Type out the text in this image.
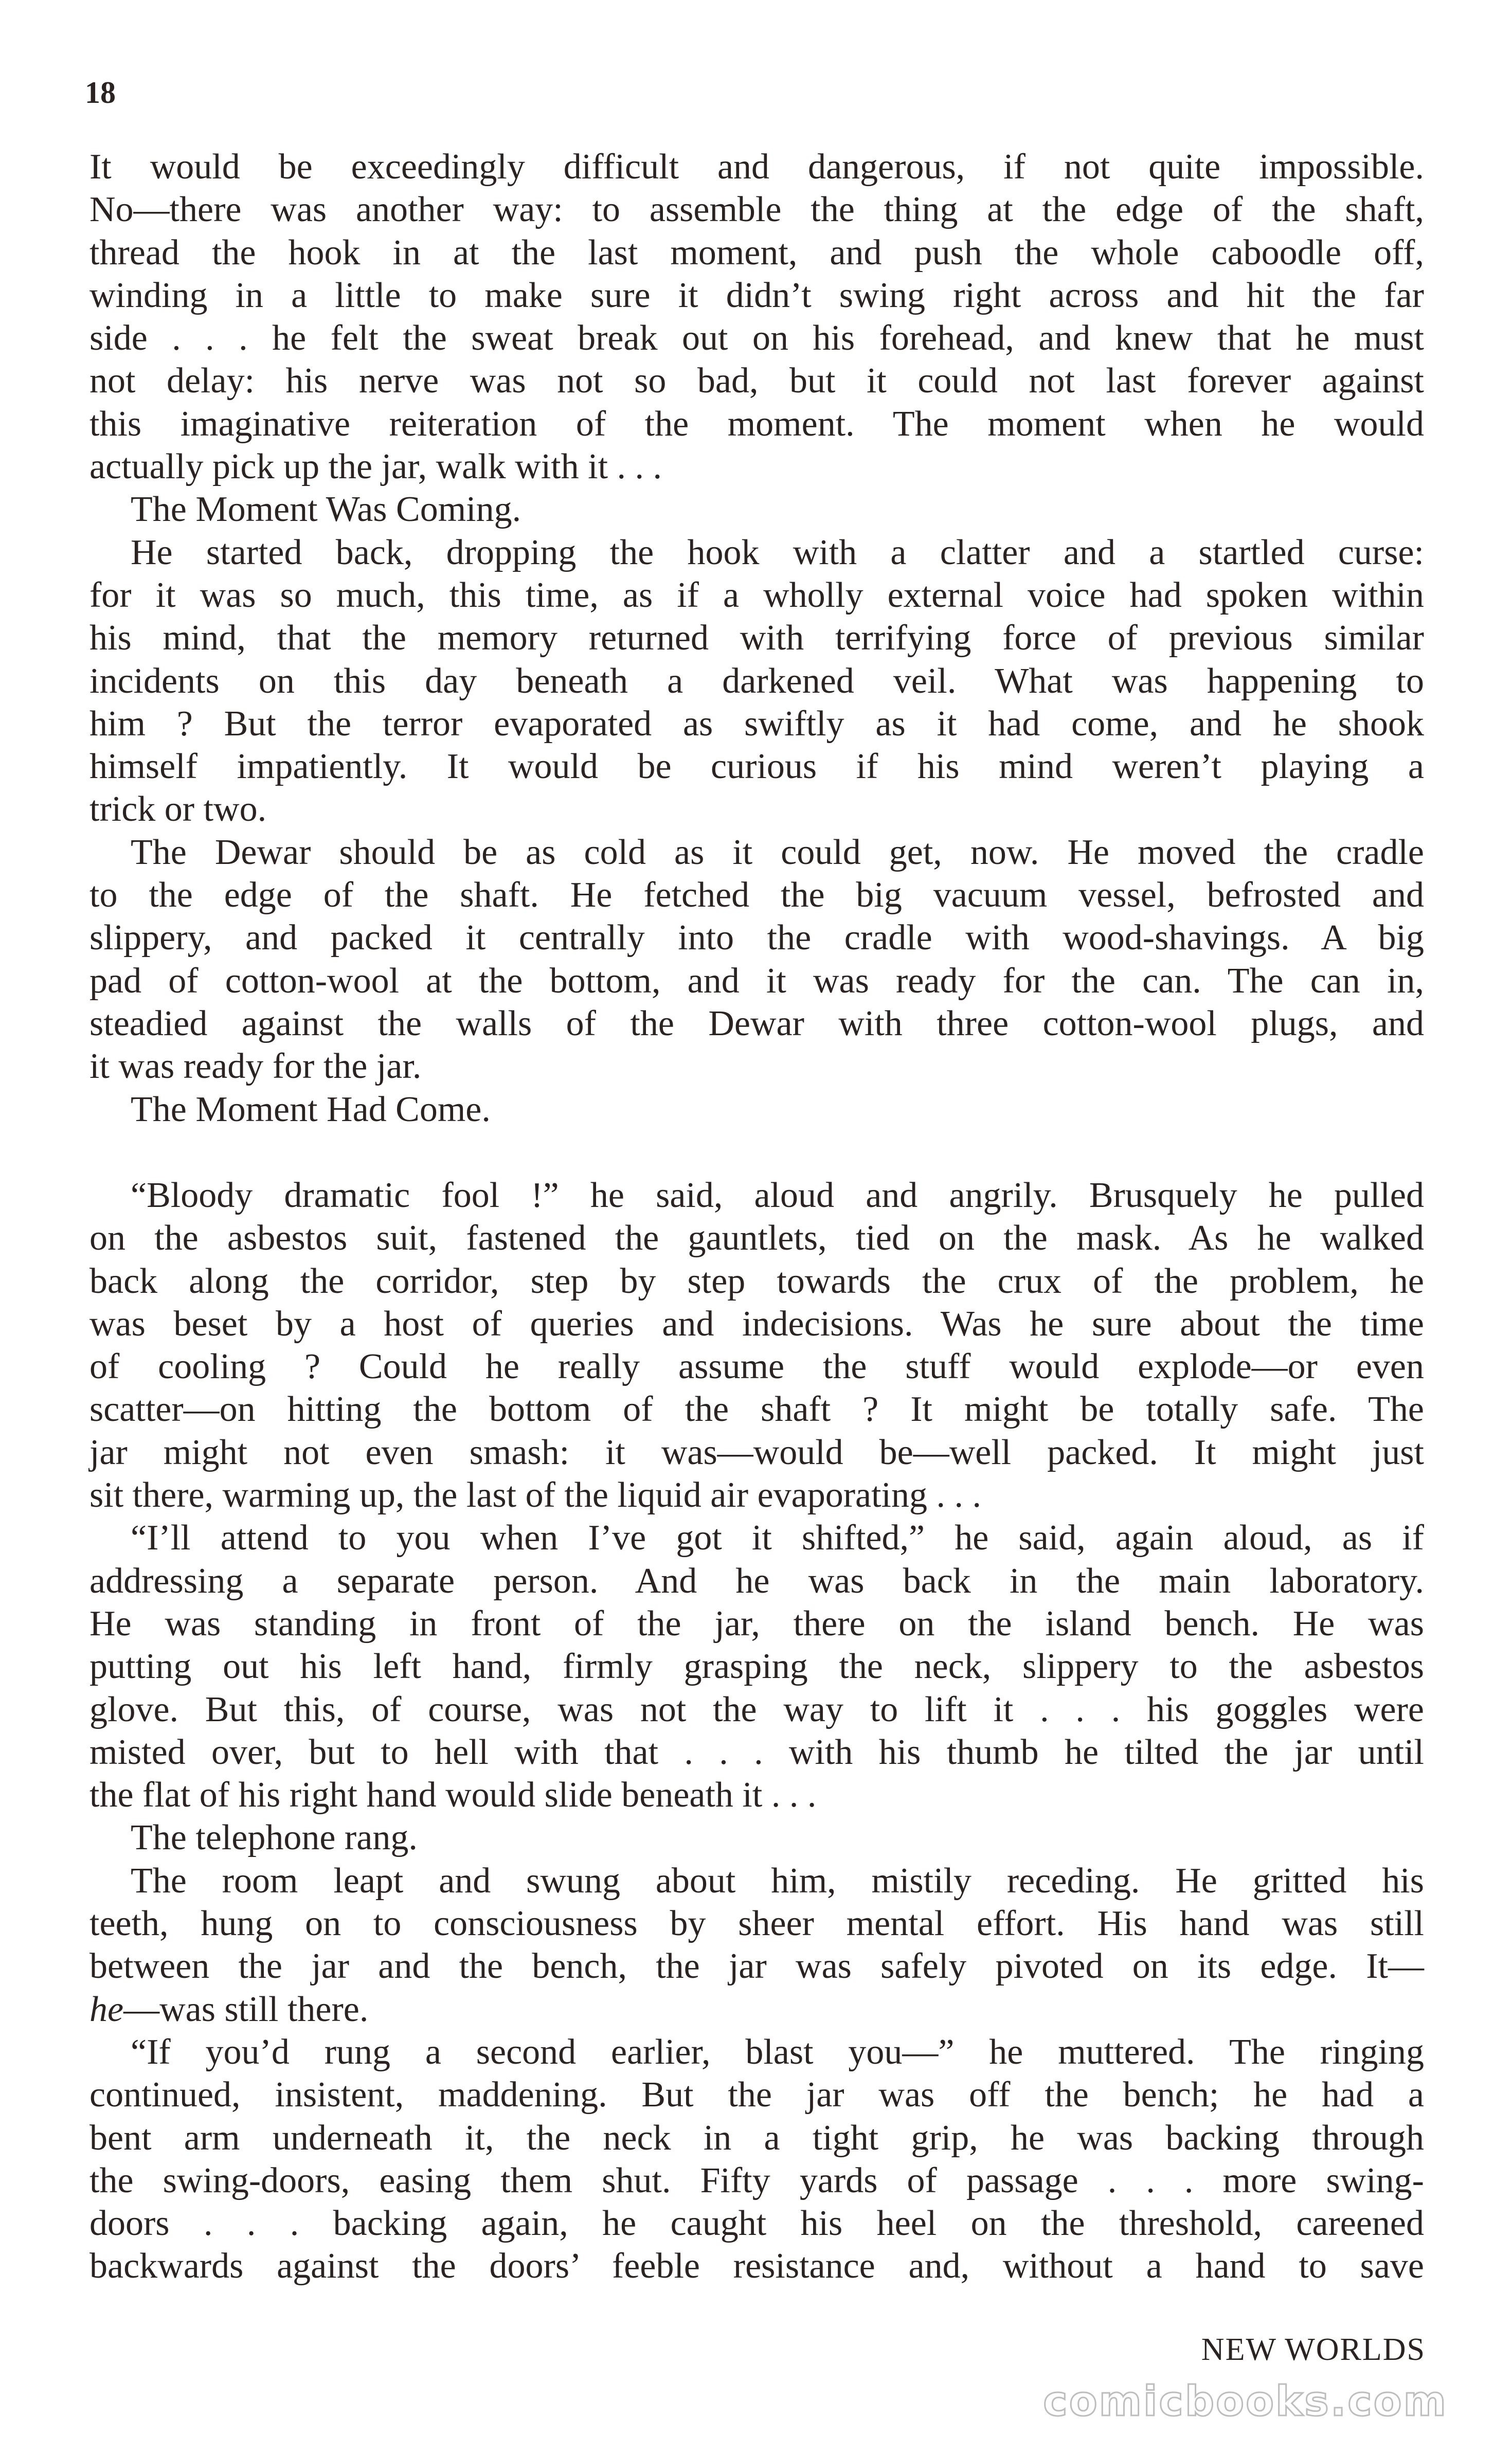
18
It would be exceedingly difficult and dangerous, if not quite impossible.
No—there was another way: to assemble the thing at the edge of the shaft,
thread the hook in at the last moment, and push the whole caboodle off,
winding in a little to make sure it didn’t swing right across and hit the far
side . . . he felt the sweat break out on his forehead, and knew that he must
not delay: his nerve was not so bad, but it could not last forever against
this imaginative reiteration of the moment. The moment when he would
actually pick up the jar, walk with it . . .
The Moment Was Coming.
He started back, dropping the hook with a clatter and a startled curse:
for it was so much, this time, as if a wholly external voice had spoken within
his mind, that the memory returned with terrifying force of previous similar
incidents on this day beneath a darkened veil. What was happening to
him ? But the terror evaporated as swiftly as it had come, and he shook
himself impatiently. It would be curious if his mind weren’t playing a
trick or two.
The Dewar should be as cold as it could get, now. He moved the cradle
to the edge of the shaft. He fetched the big vacuum vessel, befrosted and
slippery, and packed it centrally into the cradle with wood-shavings. A big
pad of cotton-wool at the bottom, and it was ready for the can. The can in,
steadied against the walls of the Dewar with three cotton-wool plugs, and
it was ready for the jar.
The Moment Had Come.
“Bloody dramatic fool !” he said, aloud and angrily. Brusquely he pulled
on the asbestos suit, fastened the gauntlets, tied on the mask. As he walked
back along the corridor, step by step towards the crux of the problem, he
was beset by a host of queries and indecisions. Was he sure about the time
of cooling ? Could he really assume the stuff would explode—or even
scatter—on hitting the bottom of the shaft ? It might be totally safe. The
jar might not even smash: it was—would be—well packed. It might just
sit there, warming up, the last of the liquid air evaporating . . .
“I’ll attend to you when I’ve got it shifted,” he said, again aloud, as if
addressing a separate person. And he was back in the main laboratory.
He was standing in front of the jar, there on the island bench. He was
putting out his left hand, firmly grasping the neck, slippery to the asbestos
glove. But this, of course, was not the way to lift it . . . his goggles were
misted over, but to hell with that . . . with his thumb he tilted the jar until
the flat of his right hand would slide beneath it . . .
The telephone rang.
The room leapt and swung about him, mistily receding. He gritted his
teeth, hung on to consciousness by sheer mental effort. His hand was still
between the jar and the bench, the jar was safely pivoted on its edge. It—
he—was still there.
“If you’d rung a second earlier, blast you—” he muttered. The ringing
continued, insistent, maddening. But the jar was off the bench; he had a
bent arm underneath it, the neck in a tight grip, he was backing through
the swing-doors, easing them shut. Fifty yards of passage . . . more swing-
doors . . . backing again, he caught his heel on the threshold, careened
backwards against the doors’ feeble resistance and, without a hand to save
NEW WORLDS
comicbooks.com
